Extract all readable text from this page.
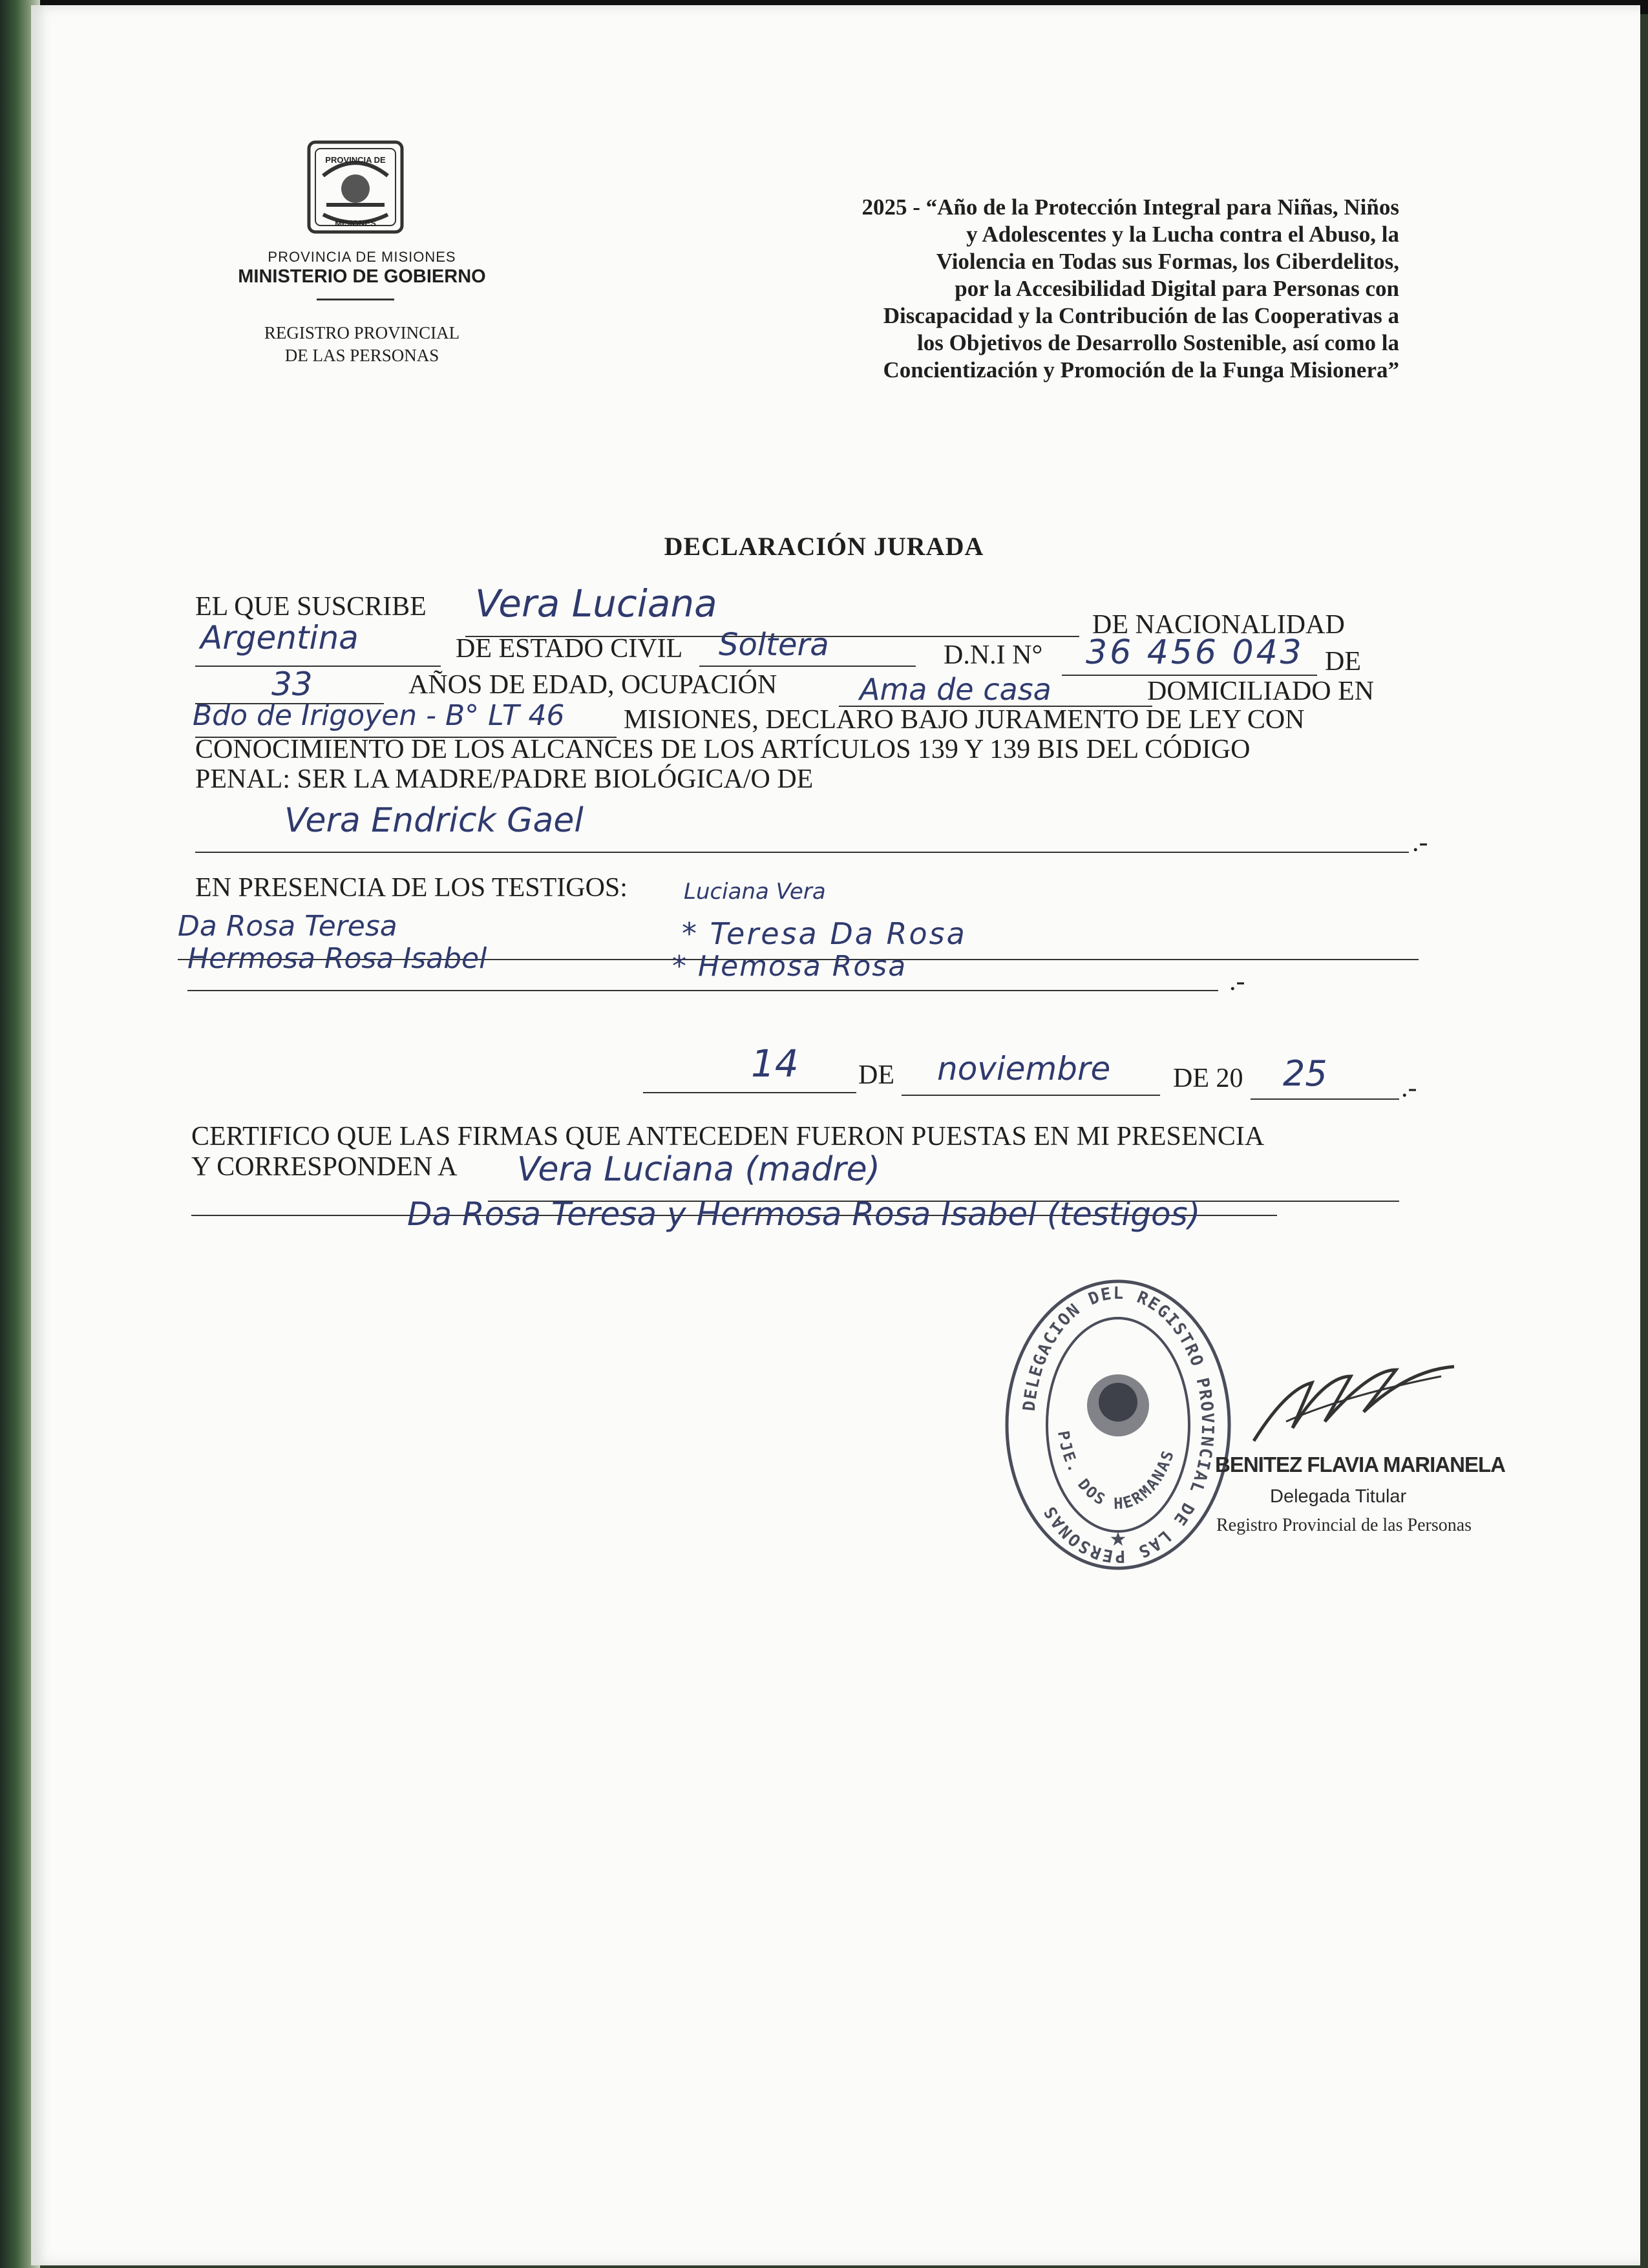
PROVINCIA DE
MISIONES
PROVINCIA DE MISIONES
MINISTERIO DE GOBIERNO
REGISTRO PROVINCIAL
DE LAS PERSONAS
2025 - “Año de la Protección Integral para Niñas, Niños
y Adolescentes y la Lucha contra el Abuso, la
Violencia en Todas sus Formas, los Ciberdelitos,
por la Accesibilidad Digital para Personas con
Discapacidad y la Contribución de las Cooperativas a
los Objetivos de Desarrollo Sostenible, así como la
Concientización y Promoción de la Funga Misionera”
DECLARACIÓN JURADA
EL QUE SUSCRIBE Vera Luciana	DE NACIONALIDAD
Argentina	DE ESTADO CIVIL Soltera	D.N.I N° 36 456 043 DE
33	AÑOS DE EDAD, OCUPACIÓN	Ama de casa	DOMICILIADO EN
Bdo de Irigoyen - B° LT 46 MISIONES, DECLARO BAJO JURAMENTO DE LEY CON
CONOCIMIENTO DE LOS ALCANCES DE LOS ARTÍCULOS 139 Y 139 BIS DEL CÓDIGO
PENAL: SER LA MADRE/PADRE BIOLÓGICA/O DE
Vera Endrick Gael
.-
EN PRESENCIA DE LOS TESTIGOS:	Luciana Vera
Da Rosa Teresa	* Teresa Da Rosa
Hermosa Rosa Isabel	* Hemosa Rosa	.-
14 DE noviembre DE 20 25	.-
CERTIFICO QUE LAS FIRMAS QUE ANTECEDEN FUERON PUESTAS EN MI PRESENCIA
Y CORRESPONDEN A Vera Luciana (madre)
Da Rosa Teresa y Hermosa Rosa Isabel (testigos)
DELEGACION DEL REGISTRO PROVINCIAL DE LAS PERSONAS
PJE. DOS HERMANAS
★
BENITEZ FLAVIA MARIANELA
Delegada Titular
Registro Provincial de las Personas
